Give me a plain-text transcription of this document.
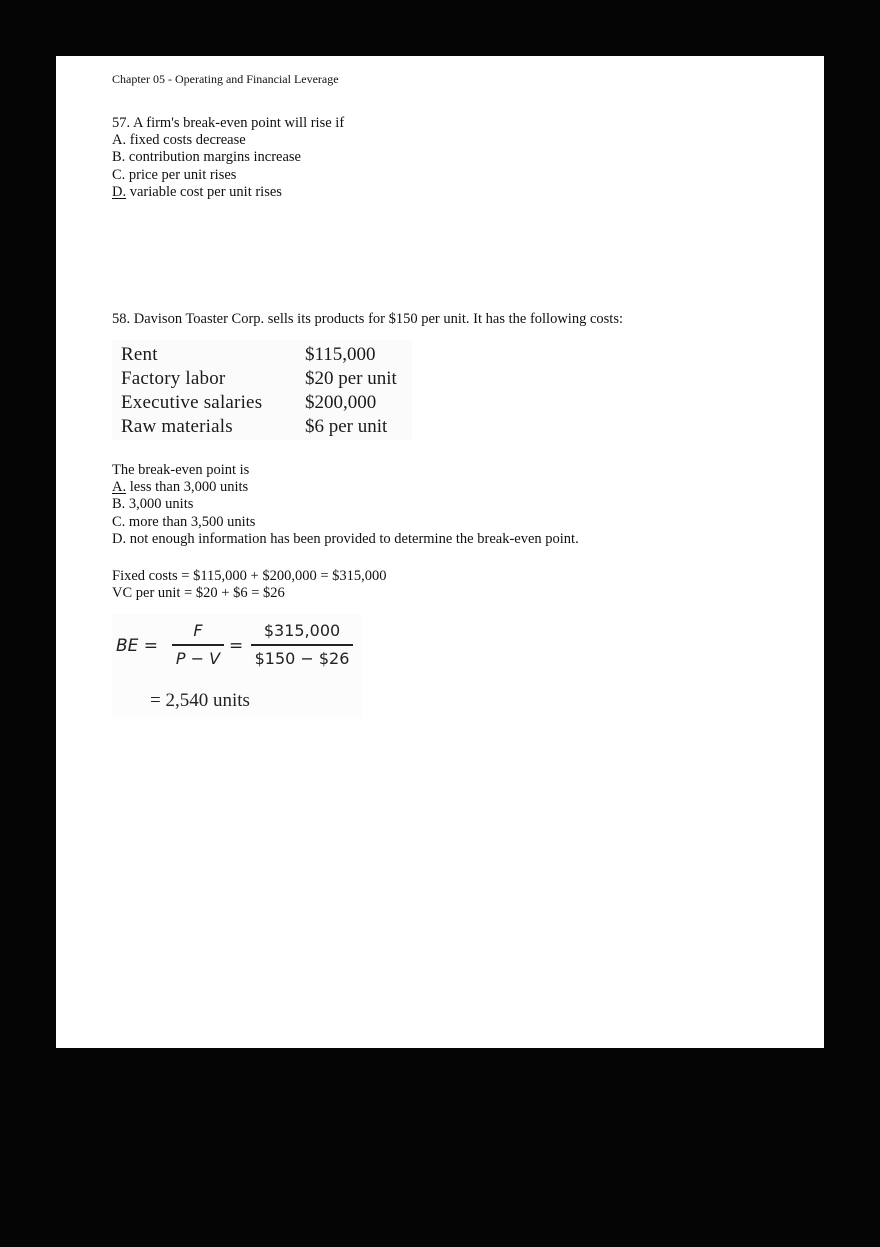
Chapter 05 - Operating and Financial Leverage
57. A firm's break-even point will rise if
A. fixed costs decrease
B. contribution margins increase
C. price per unit rises
D. variable cost per unit rises
58. Davison Toaster Corp. sells its products for $150 per unit. It has the following costs:
Rent	$115,000
Factory labor	$20 per unit
Executive salaries	$200,000
Raw materials	$6 per unit
The break-even point is
A. less than 3,000 units
B. 3,000 units
C. more than 3,500 units
D. not enough information has been provided to determine the break-even point.
Fixed costs = $115,000 + $200,000 = $315,000
VC per unit = $20 + $6 = $26
BE =
F
P − V
=
$315,000
$150 − $26
= 2,540 units
